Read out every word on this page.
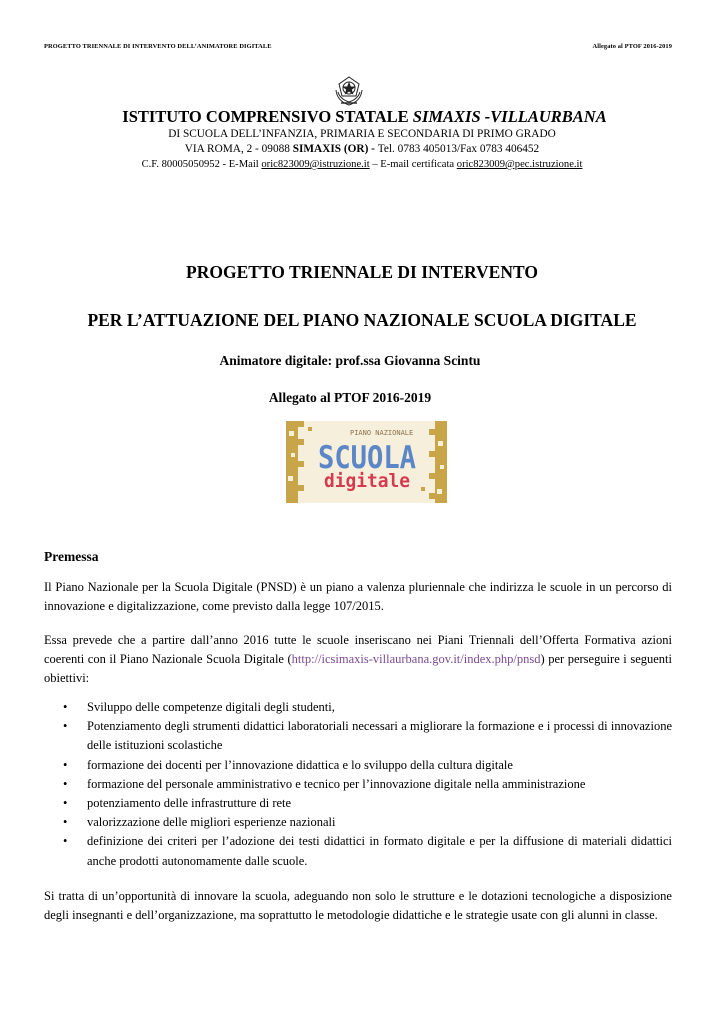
PROGETTO TRIENNALE DI INTERVENTO DELL’ANIMATORE DIGITALE	Allegato al PTOF 2016-2019
ISTITUTO COMPRENSIVO STATALE SIMAXIS -VILLAURBANA
DI SCUOLA DELL’INFANZIA, PRIMARIA E SECONDARIA DI PRIMO GRADO
VIA ROMA, 2 - 09088 SIMAXIS (OR) - Tel. 0783 405013/Fax 0783 406452
C.F. 80005050952 - E-Mail oric823009@istruzione.it – E-mail certificata oric823009@pec.istruzione.it
PROGETTO TRIENNALE DI INTERVENTO
PER L’ATTUAZIONE DEL PIANO NAZIONALE SCUOLA DIGITALE
Animatore digitale: prof.ssa Giovanna Scintu
Allegato al PTOF 2016-2019
PIANO NAZIONALE
SCUOLA
digitale
Premessa
Il Piano Nazionale per la Scuola Digitale (PNSD) è un piano a valenza pluriennale che indirizza le scuole in un percorso di innovazione e digitalizzazione, come previsto dalla legge 107/2015.
Essa prevede che a partire dall’anno 2016 tutte le scuole inseriscano nei Piani Triennali dell’Offerta Formativa azioni coerenti con il Piano Nazionale Scuola Digitale (http://icsimaxis-villaurbana.gov.it/index.php/pnsd) per perseguire i seguenti obiettivi:
• Sviluppo delle competenze digitali degli studenti,
• Potenziamento degli strumenti didattici laboratoriali necessari a migliorare la formazione e i processi di innovazione delle istituzioni scolastiche
• formazione dei docenti per l’innovazione didattica e lo sviluppo della cultura digitale
• formazione del personale amministrativo e tecnico per l’innovazione digitale nella amministrazione
• potenziamento delle infrastrutture di rete
• valorizzazione delle migliori esperienze nazionali
• definizione dei criteri per l’adozione dei testi didattici in formato digitale e per la diffusione di materiali didattici anche prodotti autonomamente dalle scuole.
Si tratta di un’opportunità di innovare la scuola, adeguando non solo le strutture e le dotazioni tecnologiche a disposizione degli insegnanti e dell’organizzazione, ma soprattutto le metodologie didattiche e le strategie usate con gli alunni in classe.
